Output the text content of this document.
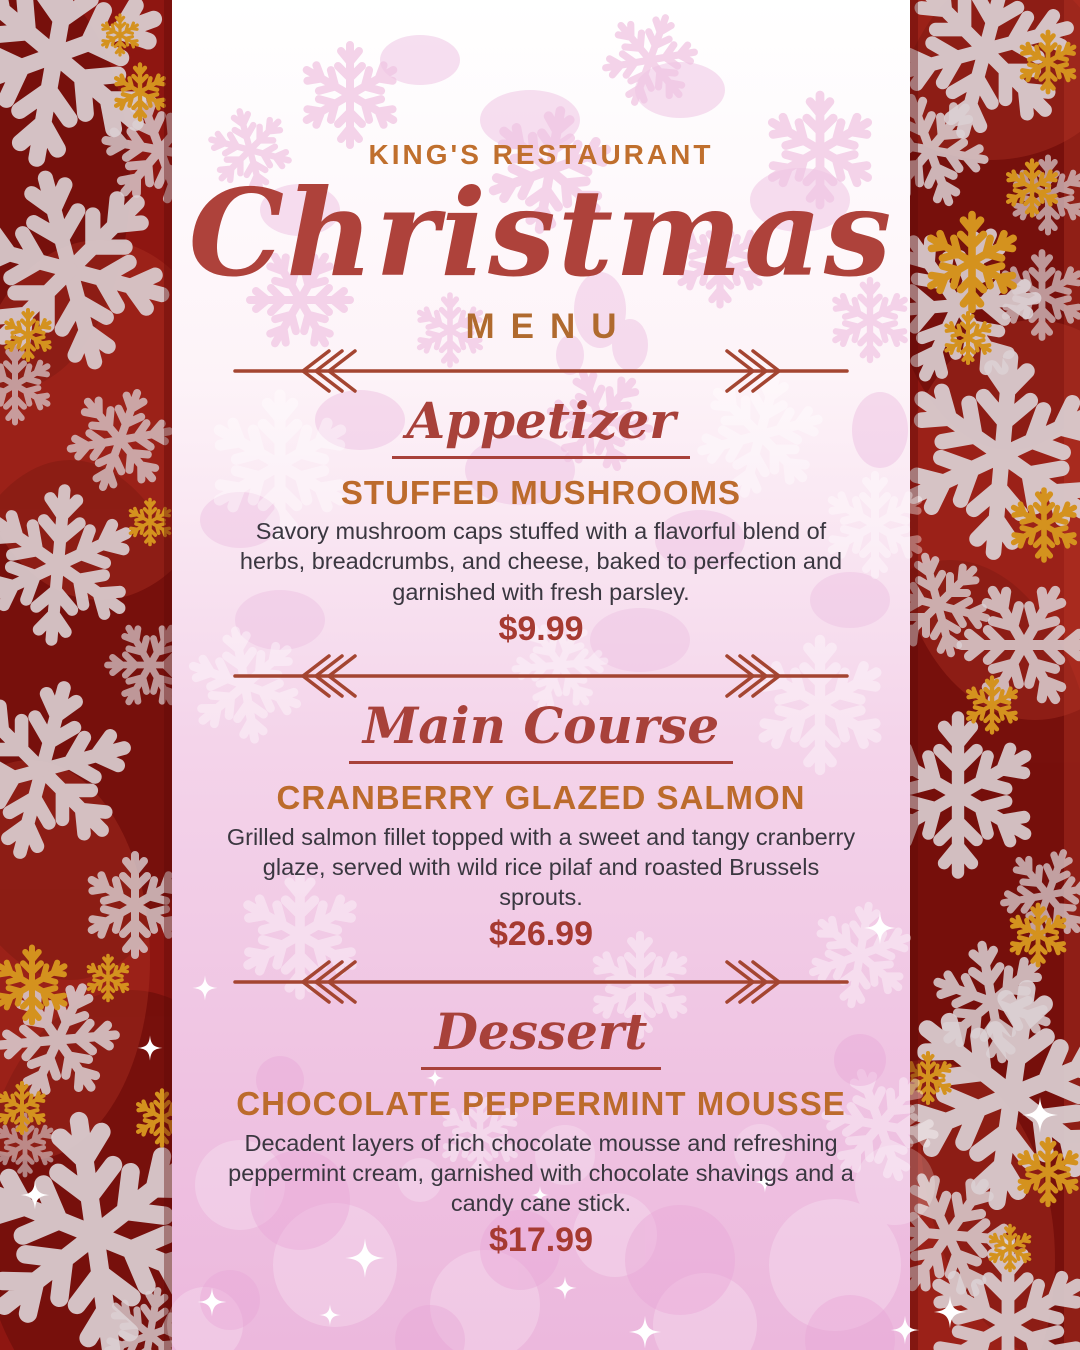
KING'S RESTAURANT
Christmas
MENU
Appetizer
STUFFED MUSHROOMS

Savory mushroom caps stuffed with a flavorful blend of herbs, breadcrumbs, and cheese, baked to perfection and garnished with fresh parsley.

$9.99
Main Course
CRANBERRY GLAZED SALMON

Grilled salmon fillet topped with a sweet and tangy cranberry glaze, served with wild rice pilaf and roasted Brussels sprouts.

$26.99
Dessert
CHOCOLATE PEPPERMINT MOUSSE

Decadent layers of rich chocolate mousse and refreshing peppermint cream, garnished with chocolate shavings and a candy cane stick.

$17.99
